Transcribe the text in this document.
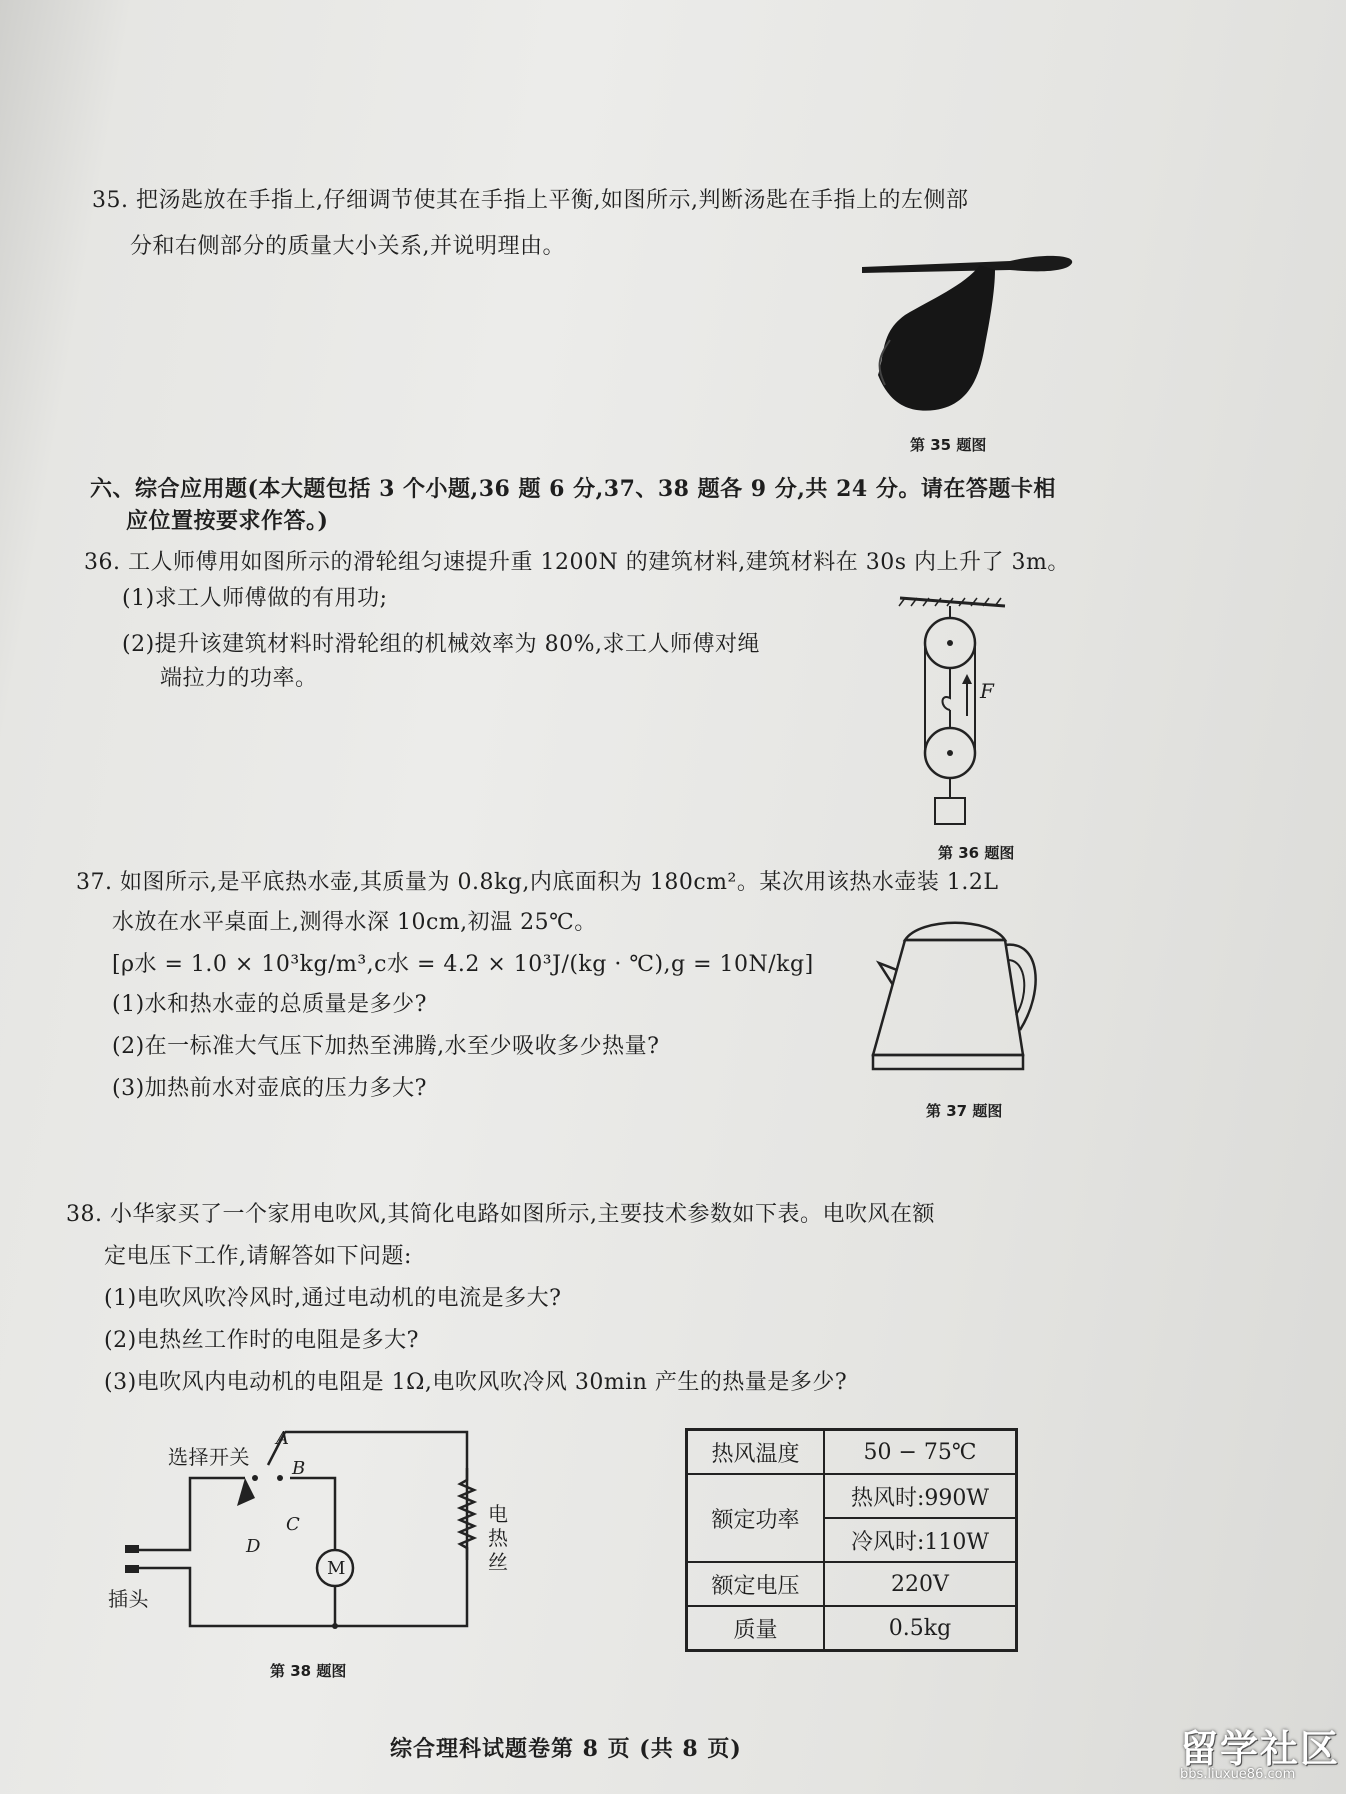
35. 把汤匙放在手指上,仔细调节使其在手指上平衡,如图所示,判断汤匙在手指上的左侧部
分和右侧部分的质量大小关系,并说明理由。
第 35 题图
六、综合应用题(本大题包括 3 个小题,36 题 6 分,37、38 题各 9 分,共 24 分。请在答题卡相
应位置按要求作答。)
36. 工人师傅用如图所示的滑轮组匀速提升重 1200N 的建筑材料,建筑材料在 30s 内上升了 3m。
(1)求工人师傅做的有用功;
(2)提升该建筑材料时滑轮组的机械效率为 80%,求工人师傅对绳
端拉力的功率。	F
第 36 题图
37. 如图所示,是平底热水壶,其质量为 0.8kg,内底面积为 180cm²。某次用该热水壶装 1.2L
水放在水平桌面上,测得水深 10cm,初温 25℃。
[ρ水 = 1.0 × 10³kg/m³,c水 = 4.2 × 10³J/(kg · ℃),g = 10N/kg]
(1)水和热水壶的总质量是多少?
(2)在一标准大气压下加热至沸腾,水至少吸收多少热量?
(3)加热前水对壶底的压力多大?
第 37 题图
38. 小华家买了一个家用电吹风,其简化电路如图所示,主要技术参数如下表。电吹风在额
定电压下工作,请解答如下问题:
(1)电吹风吹冷风时,通过电动机的电流是多大?
(2)电热丝工作时的电阻是多大?
(3)电吹风内电动机的电阻是 1Ω,电吹风吹冷风 30min 产生的热量是多少?
选择开关
插头
电热丝
M
A
B
C
D
第 38 题图
热风温度	50 − 75℃
额定功率	热风时:990W
	冷风时:110W
额定电压	220V
质量	0.5kg
综合理科试题卷第 8 页 (共 8 页)	留学社区
bbs.liuxue86.com
